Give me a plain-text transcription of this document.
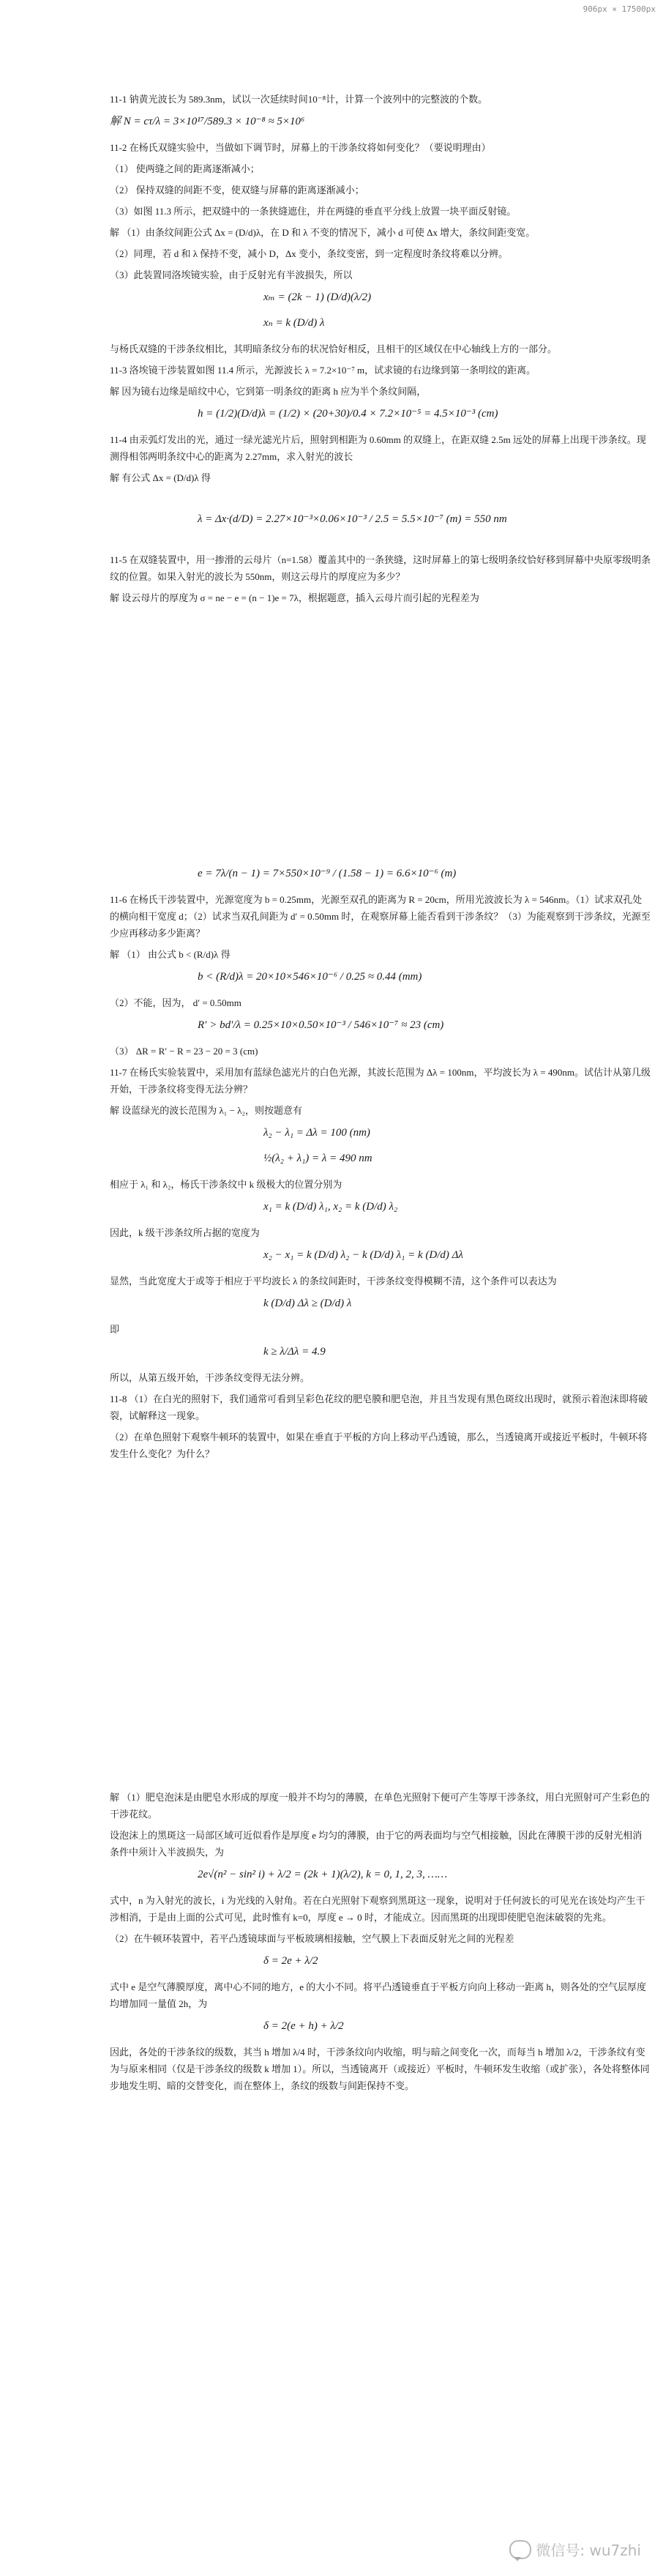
906px × 17500px

11-1 钠黄光波长为 589.3nm，试以一次延续时间10⁻⁸计，计算一个波列中的完整波的个数。

解 N = cτ/λ = 3×10¹⁷/589.3 × 10⁻⁸ ≈ 5×10⁶

11-2 在杨氏双缝实验中，当做如下调节时，屏幕上的干涉条纹将如何变化？（要说明理由）

（1） 使两缝之间的距离逐渐减小；

（2） 保持双缝的间距不变，使双缝与屏幕的距离逐渐减小；

（3）如图 11.3 所示，把双缝中的一条狭缝遮住，并在两缝的垂直平分线上放置一块平面反射镜。

解 （1）由条纹间距公式 Δx = (D/d)λ，在 D 和 λ 不变的情况下，减小 d 可使 Δx 增大，条纹间距变宽。

（2）同理，若 d 和 λ 保持不变，减小 D，Δx 变小，条纹变密，到一定程度时条纹将难以分辨。

（3）此装置同洛埃镜实验，由于反射光有半波损失，所以

xₘ = (2k − 1) (D/d)(λ/2)
xₙ = k (D/d) λ

与杨氏双缝的干涉条纹相比，其明暗条纹分布的状况恰好相反，且相干的区域仅在中心轴线上方的一部分。

11-3 洛埃镜干涉装置如图 11.4 所示，光源波长 λ = 7.2×10⁻⁷ m，试求镜的右边缘到第一条明纹的距离。

解 因为镜右边缘是暗纹中心，它到第一明条纹的距离 h 应为半个条纹间隔，

h = (1/2)(D/d)λ = (1/2) × (20+30)/0.4 × 7.2×10⁻⁵ = 4.5×10⁻³ (cm)

11-4 由汞弧灯发出的光，通过一绿光滤光片后，照射到相距为 0.60mm 的双缝上，在距双缝 2.5m 远处的屏幕上出现干涉条纹。现测得相邻两明条纹中心的距离为 2.27mm，求入射光的波长

解 有公式 Δx = (D/d)λ 得

λ = Δx·(d/D) = 2.27×10⁻³×0.06×10⁻³ / 2.5 = 5.5×10⁻⁷ (m) = 550 nm

11-5 在双缝装置中，用一掺滑的云母片（n=1.58）覆盖其中的一条狭缝，这时屏幕上的第七级明条纹恰好移到屏幕中央原零级明条纹的位置。如果入射光的波长为 550nm，则这云母片的厚度应为多少？

解 设云母片的厚度为 σ = ne − e = (n − 1)e = 7λ，根据题意，插入云母片而引起的光程差为

e = 7λ/(n − 1) = 7×550×10⁻⁹ / (1.58 − 1) = 6.6×10⁻⁶ (m)

11-6 在杨氏干涉装置中，光源宽度为 b = 0.25mm，光源至双孔的距离为 R = 20cm，所用光波波长为 λ = 546nm。（1）试求双孔处的横向相干宽度 d；（2）试求当双孔间距为 d′ = 0.50mm 时，在观察屏幕上能否看到干涉条纹？（3）为能观察到干涉条纹，光源至少应再移动多少距离？

解 （1） 由公式 b < (R/d)λ 得

b < (R/d)λ = 20×10×546×10⁻⁶ / 0.25 ≈ 0.44 (mm)

（2）不能，因为， d′ = 0.50mm

R′ > bd′/λ = 0.25×10×0.50×10⁻³ / 546×10⁻⁷ ≈ 23 (cm)

（3） ΔR = R′ − R = 23 − 20 = 3 (cm)

11-7 在杨氏实验装置中，采用加有蓝绿色滤光片的白色光源，其波长范围为 Δλ = 100nm，平均波长为 λ = 490nm。试估计从第几级开始，干涉条纹将变得无法分辨？

解 设蓝绿光的波长范围为 λ₁ − λ₂，则按题意有

λ₂ − λ₁ = Δλ = 100 (nm)
½(λ₂ + λ₁) = λ = 490 nm

相应于 λ₁ 和 λ₂，杨氏干涉条纹中 k 级极大的位置分别为

x₁ = k (D/d) λ₁, x₂ = k (D/d) λ₂

因此，k 级干涉条纹所占据的宽度为

x₂ − x₁ = k (D/d) λ₂ − k (D/d) λ₁ = k (D/d) Δλ

显然，当此宽度大于或等于相应于平均波长 λ 的条纹间距时，干涉条纹变得模糊不清，这个条件可以表达为

k (D/d) Δλ ≥ (D/d) λ

即

k ≥ λ/Δλ = 4.9

所以，从第五级开始，干涉条纹变得无法分辨。

11-8 （1）在白光的照射下，我们通常可看到呈彩色花纹的肥皂膜和肥皂泡，并且当发现有黑色斑纹出现时，就预示着泡沫即将破裂，试解释这一现象。

（2）在单色照射下观察牛顿环的装置中，如果在垂直于平板的方向上移动平凸透镜，那么，当透镜离开或接近平板时，牛顿环将发生什么变化？为什么？

解 （1）肥皂泡沫是由肥皂水形成的厚度一般并不均匀的薄膜，在单色光照射下便可产生等厚干涉条纹，用白光照射可产生彩色的干涉花纹。

设泡沫上的黑斑这一局部区域可近似看作是厚度 e 均匀的薄膜，由于它的两表面均与空气相接触，因此在薄膜干涉的反射光相消条件中须计入半波损失，为

2e√(n² − sin² i) + λ/2 = (2k + 1)(λ/2), k = 0, 1, 2, 3, ……

式中，n 为入射光的波长，i 为光线的入射角。若在白光照射下观察到黑斑这一现象，说明对于任何波长的可见光在该处均产生干涉相消，于是由上面的公式可见，此时惟有 k=0，厚度 e → 0 时，才能成立。因而黑斑的出现即使肥皂泡沫破裂的先兆。

（2）在牛顿环装置中，若平凸透镜球面与平板玻璃相接触，空气膜上下表面反射光之间的光程差

δ = 2e + λ/2

式中 e 是空气薄膜厚度，离中心不同的地方，e 的大小不同。将平凸透镜垂直于平板方向向上移动一距离 h，则各处的空气层厚度均增加同一量值 2h，为

δ = 2(e + h) + λ/2

因此，各处的干涉条纹的级数，其当 h 增加 λ/4 时，干涉条纹向内收缩，明与暗之间变化一次，而每当 h 增加 λ/2，干涉条纹有变为与原来相同（仅是干涉条纹的级数 k 增加 1）。所以，当透镜离开（或接近）平板时，牛顿环发生收缩（或扩张），各处将整体同步地发生明、暗的交替变化，而在整体上，条纹的级数与间距保持不变。

微信号: wu7zhi
